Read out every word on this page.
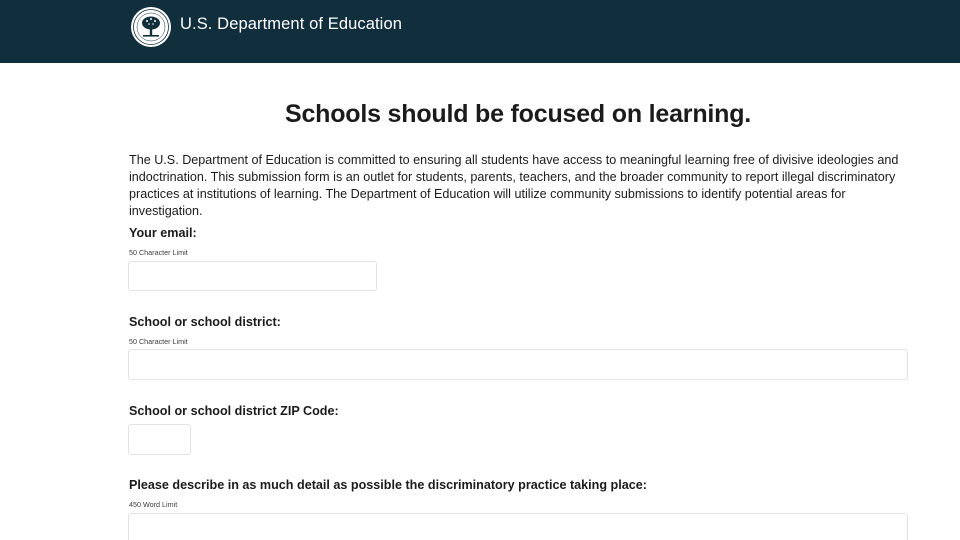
U.S. Department of Education
Schools should be focused on learning.

The U.S. Department of Education is committed to ensuring all students have access to meaningful learning free of divisive ideologies and indoctrination. This submission form is an outlet for students, parents, teachers, and the broader community to report illegal discriminatory practices at institutions of learning. The Department of Education will utilize community submissions to identify potential areas for investigation.

Your email:
50 Character Limit
School or school district:
50 Character Limit
School or school district ZIP Code:
Please describe in as much detail as possible the discriminatory practice taking place:
450 Word Limit
